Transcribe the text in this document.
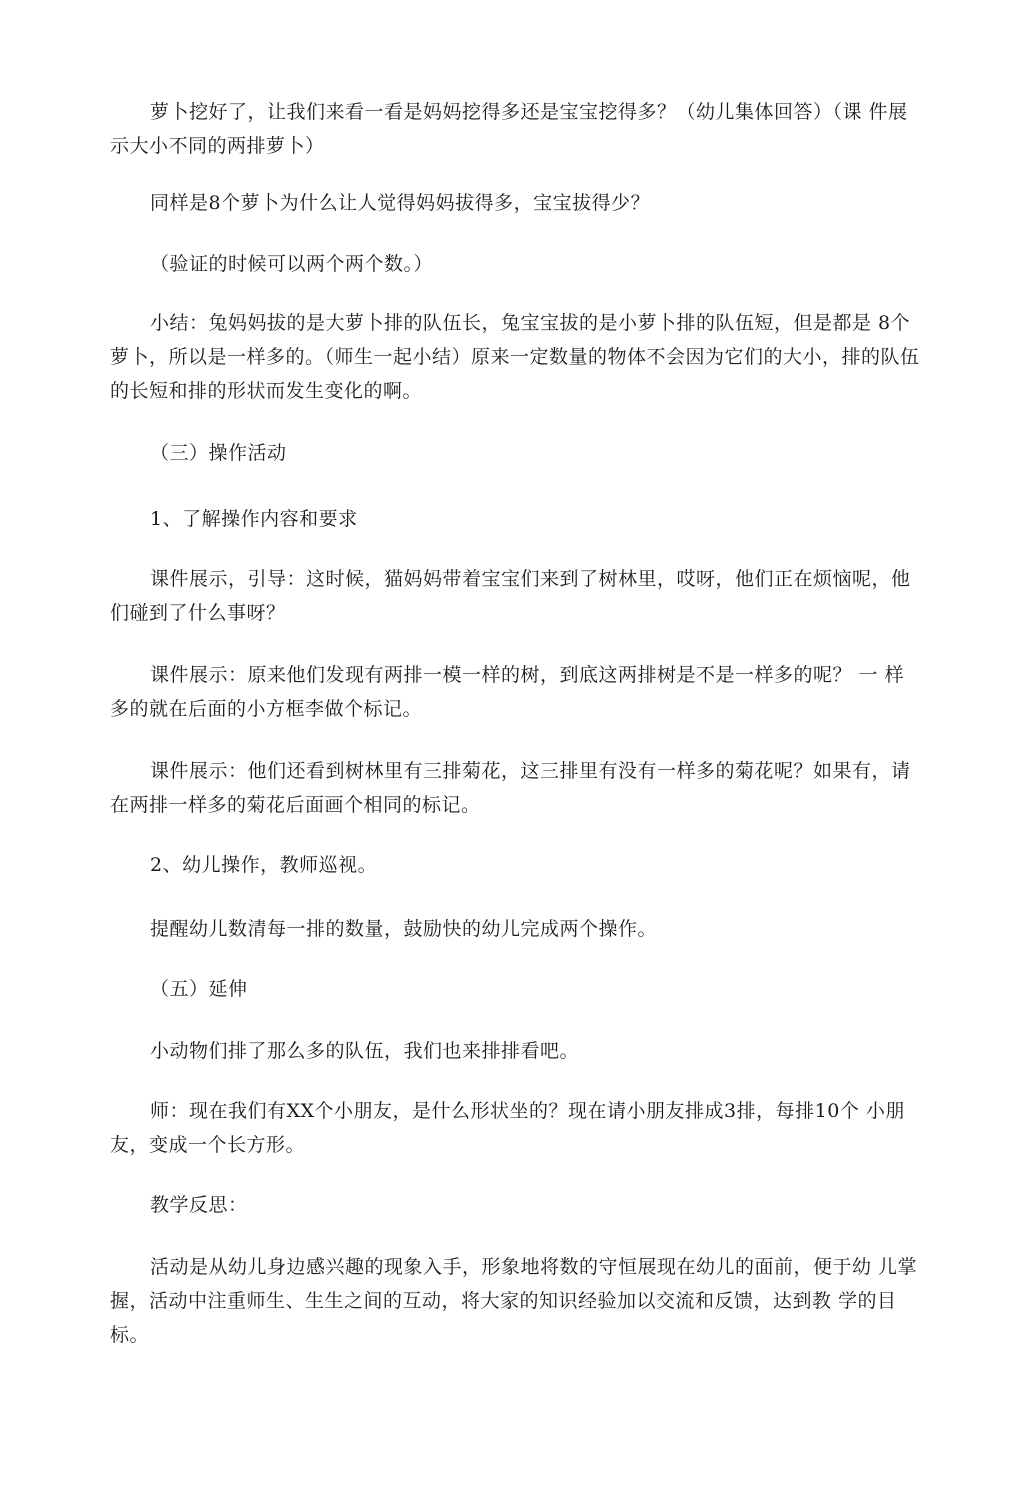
萝卜挖好了，让我们来看一看是妈妈挖得多还是宝宝挖得多？（幼儿集体回答）（课 件展
示大小不同的两排萝卜）

同样是8个萝卜为什么让人觉得妈妈拔得多，宝宝拔得少？

（验证的时候可以两个两个数。）

小结：兔妈妈拔的是大萝卜排的队伍长，兔宝宝拔的是小萝卜排的队伍短，但是都是 8个
萝卜，所以是一样多的。（师生一起小结）原来一定数量的物体不会因为它们的大小，排的队伍
的长短和排的形状而发生变化的啊。

（三）操作活动

1、了解操作内容和要求

课件展示，引导：这时候，猫妈妈带着宝宝们来到了树林里，哎呀，他们正在烦恼呢，他
们碰到了什么事呀？

课件展示：原来他们发现有两排一模一样的树，到底这两排树是不是一样多的呢？ 一 样
多的就在后面的小方框李做个标记。

课件展示：他们还看到树林里有三排菊花，这三排里有没有一样多的菊花呢？如果有，请
在两排一样多的菊花后面画个相同的标记。

2、幼儿操作，教师巡视。

提醒幼儿数清每一排的数量，鼓励快的幼儿完成两个操作。

（五）延伸

小动物们排了那么多的队伍，我们也来排排看吧。

师：现在我们有XX个小朋友，是什么形状坐的？现在请小朋友排成3排，每排10个 小朋
友，变成一个长方形。

教学反思：

活动是从幼儿身边感兴趣的现象入手，形象地将数的守恒展现在幼儿的面前，便于幼 儿掌
握，活动中注重师生、生生之间的互动，将大家的知识经验加以交流和反馈，达到教 学的目
标。
